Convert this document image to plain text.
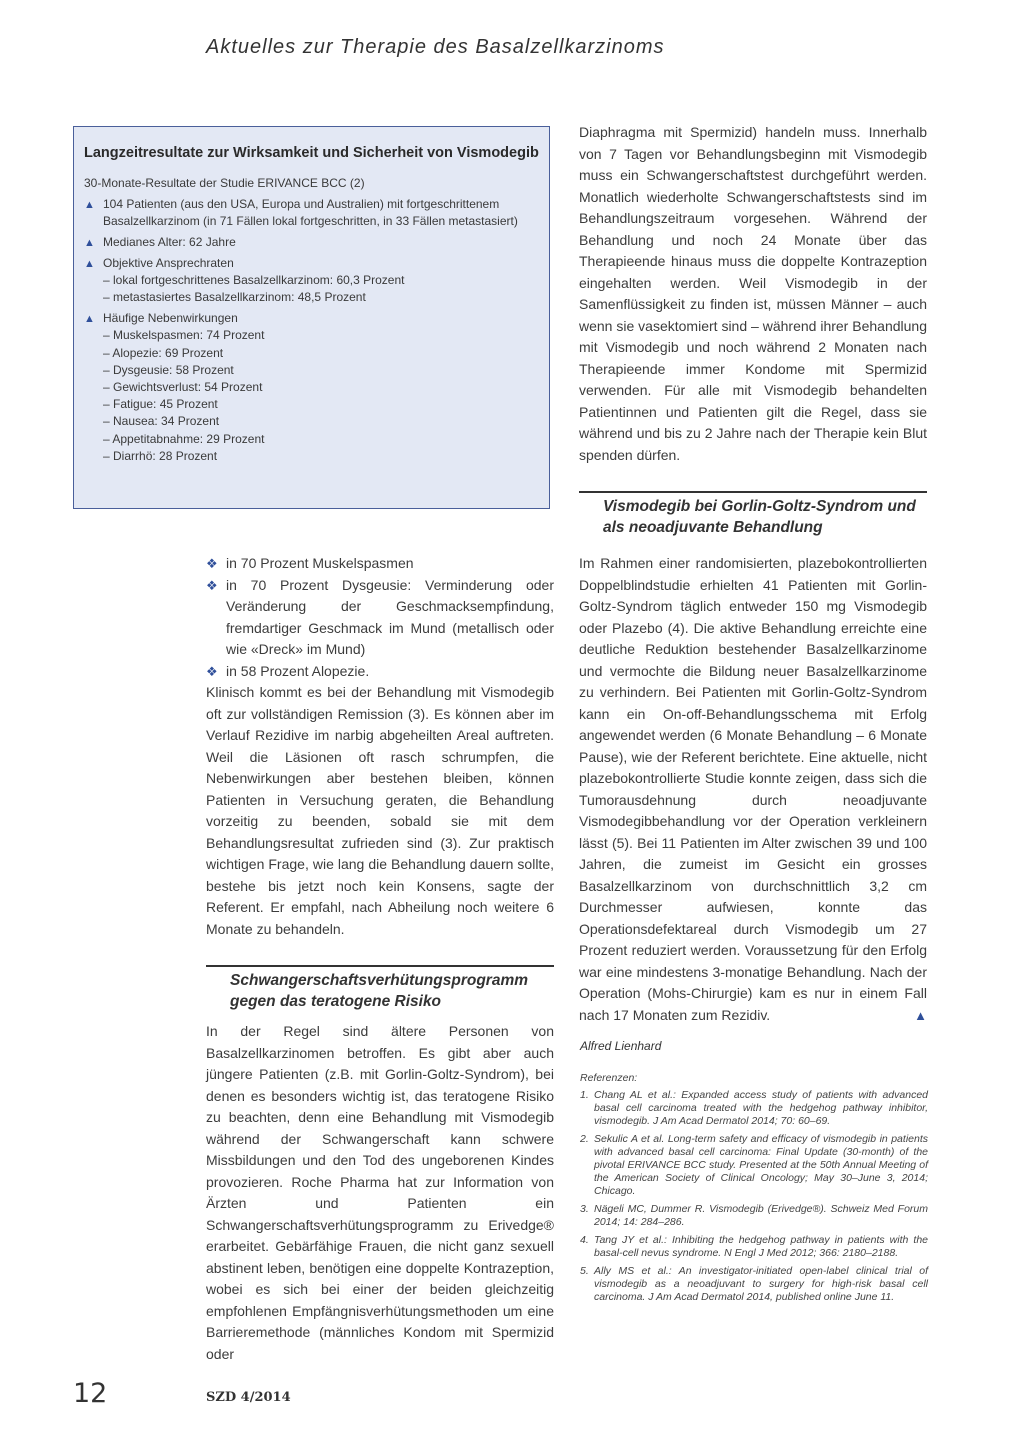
Aktuelles zur Therapie des Basalzellkarzinoms
Langzeitresultate zur Wirksamkeit und Sicherheit von Vismodegib
30-Monate-Resultate der Studie ERIVANCE BCC (2)
▲ 104 Patienten (aus den USA, Europa und Australien) mit fortgeschrittenem Basalzellkarzinom (in 71 Fällen lokal fortgeschritten, in 33 Fällen metastasiert)
▲ Medianes Alter: 62 Jahre
▲ Objektive Ansprechraten
– lokal fortgeschrittenes Basalzellkarzinom: 60,3 Prozent
– metastasiertes Basalzellkarzinom: 48,5 Prozent
▲ Häufige Nebenwirkungen
– Muskelspasmen: 74 Prozent
– Alopezie: 69 Prozent
– Dysgeusie: 58 Prozent
– Gewichtsverlust: 54 Prozent
– Fatigue: 45 Prozent
– Nausea: 34 Prozent
– Appetitabnahme: 29 Prozent
– Diarrhö: 28 Prozent
❖ in 70 Prozent Muskelspasmen
❖ in 70 Prozent Dysgeusie: Verminderung oder Veränderung der Geschmacksempfindung, fremdartiger Geschmack im Mund (metallisch oder wie «Dreck» im Mund)
❖ in 58 Prozent Alopezie.

Klinisch kommt es bei der Behandlung mit Vismodegib oft zur vollständigen Remission (3). Es können aber im Verlauf Rezidive im narbig abgeheilten Areal auftreten. Weil die Läsionen oft rasch schrumpfen, die Nebenwirkungen aber bestehen bleiben, können Patienten in Versuchung geraten, die Behandlung vorzeitig zu beenden, sobald sie mit dem Behandlungsresultat zufrieden sind (3). Zur praktisch wichtigen Frage, wie lang die Behandlung dauern sollte, bestehe bis jetzt noch kein Konsens, sagte der Referent. Er empfahl, nach Abheilung noch weitere 6 Monate zu behandeln.

Schwangerschaftsverhütungsprogramm gegen das teratogene Risiko

In der Regel sind ältere Personen von Basalzellkarzinomen betroffen. Es gibt aber auch jüngere Patienten (z.B. mit Gorlin-Goltz-Syndrom), bei denen es besonders wichtig ist, das teratogene Risiko zu beachten, denn eine Behandlung mit Vismodegib während der Schwangerschaft kann schwere Missbildungen und den Tod des ungeborenen Kindes provozieren. Roche Pharma hat zur Information von Ärzten und Patienten ein Schwangerschaftsverhütungsprogramm zu Erivedge® erarbeitet. Gebärfähige Frauen, die nicht ganz sexuell abstinent leben, benötigen eine doppelte Kontrazeption, wobei es sich bei einer der beiden gleichzeitig empfohlenen Empfängnisverhütungsmethoden um eine Barrieremethode (männliches Kondom mit Spermizid oder

Diaphragma mit Spermizid) handeln muss. Innerhalb von 7 Tagen vor Behandlungsbeginn mit Vismodegib muss ein Schwangerschaftstest durchgeführt werden. Monatlich wiederholte Schwangerschaftstests sind im Behandlungszeitraum vorgesehen. Während der Behandlung und noch 24 Monate über das Therapieende hinaus muss die doppelte Kontrazeption eingehalten werden. Weil Vismodegib in der Samenflüssigkeit zu finden ist, müssen Männer – auch wenn sie vasektomiert sind – während ihrer Behandlung mit Vismodegib und noch während 2 Monaten nach Therapieende immer Kondome mit Spermizid verwenden. Für alle mit Vismodegib behandelten Patientinnen und Patienten gilt die Regel, dass sie während und bis zu 2 Jahre nach der Therapie kein Blut spenden dürfen.

Vismodegib bei Gorlin-Goltz-Syndrom und als neoadjuvante Behandlung

Im Rahmen einer randomisierten, plazebokontrollierten Doppelblindstudie erhielten 41 Patienten mit Gorlin-Goltz-Syndrom täglich entweder 150 mg Vismodegib oder Plazebo (4). Die aktive Behandlung erreichte eine deutliche Reduktion bestehender Basalzellkarzinome und vermochte die Bildung neuer Basalzellkarzinome zu verhindern. Bei Patienten mit Gorlin-Goltz-Syndrom kann ein On-off-Behandlungsschema mit Erfolg angewendet werden (6 Monate Behandlung – 6 Monate Pause), wie der Referent berichtete. Eine aktuelle, nicht plazebokontrollierte Studie konnte zeigen, dass sich die Tumorausdehnung durch neoadjuvante Vismodegibbehandlung vor der Operation verkleinern lässt (5). Bei 11 Patienten im Alter zwischen 39 und 100 Jahren, die zumeist im Gesicht ein grosses Basalzellkarzinom von durchschnittlich 3,2 cm Durchmesser aufwiesen, konnte das Operationsdefektareal durch Vismodegib um 27 Prozent reduziert werden. Voraussetzung für den Erfolg war eine mindestens 3-monatige Behandlung. Nach der Operation (Mohs-Chirurgie) kam es nur in einem Fall nach 17 Monaten zum Rezidiv.	▲

Alfred Lienhard
Referenzen:
1. Chang AL et al.: Expanded access study of patients with advanced basal cell carcinoma treated with the hedgehog pathway inhibitor, vismodegib. J Am Acad Dermatol 2014; 70: 60–69.
2. Sekulic A et al. Long-term safety and efficacy of vismodegib in patients with advanced basal cell carcinoma: Final Update (30-month) of the pivotal ERIVANCE BCC study. Presented at the 50th Annual Meeting of the American Society of Clinical Oncology; May 30–June 3, 2014; Chicago.
3. Nägeli MC, Dummer R. Vismodegib (Erivedge®). Schweiz Med Forum 2014; 14: 284–286.
4. Tang JY et al.: Inhibiting the hedgehog pathway in patients with the basal-cell nevus syndrome. N Engl J Med 2012; 366: 2180–2188.
5. Ally MS et al.: An investigator-initiated open-label clinical trial of vismodegib as a neoadjuvant to surgery for high-risk basal cell carcinoma. J Am Acad Dermatol 2014, published online June 11.
12	SZD 4/2014
